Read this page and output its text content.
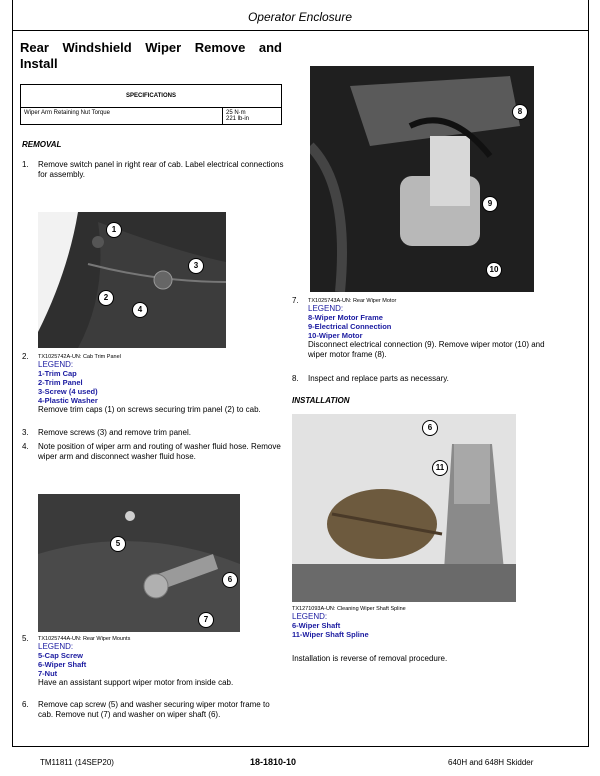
Operator Enclosure
Rear Windshield Wiper Remove and Install
SPECIFICATIONS
Wiper Arm Retaining Nut Torque	25 N·m
221 lb-in
REMOVAL
1. Remove switch panel in right rear of cab. Label electrical connections for assembly.
1
2
3
4
2. TX1025742A-UN: Cab Trim Panel
LEGEND:
1-Trim Cap
2-Trim Panel
3-Screw (4 used)
4-Plastic Washer
Remove trim caps (1) on screws securing trim panel (2) to cab.
3. Remove screws (3) and remove trim panel.
4. Note position of wiper arm and routing of washer fluid hose. Remove wiper arm and disconnect washer fluid hose.
5
6
7
5. TX1025744A-UN: Rear Wiper Mounts
LEGEND:
5-Cap Screw
6-Wiper Shaft
7-Nut
Have an assistant support wiper motor from inside cab.
6. Remove cap screw (5) and washer securing wiper motor frame to cab. Remove nut (7) and washer on wiper shaft (6).
8
9
10
7. TX1025743A-UN: Rear Wiper Motor
LEGEND:
8-Wiper Motor Frame
9-Electrical Connection
10-Wiper Motor
Disconnect electrical connection (9). Remove wiper motor (10) and wiper motor frame (8).
8. Inspect and replace parts as necessary.
INSTALLATION
6
11
TX1271093A-UN: Cleaning Wiper Shaft Spline
LEGEND:
6-Wiper Shaft
11-Wiper Shaft Spline
Installation is reverse of removal procedure.
TM11811 (14SEP20)	18-1810-10	640H and 648H Skidder
